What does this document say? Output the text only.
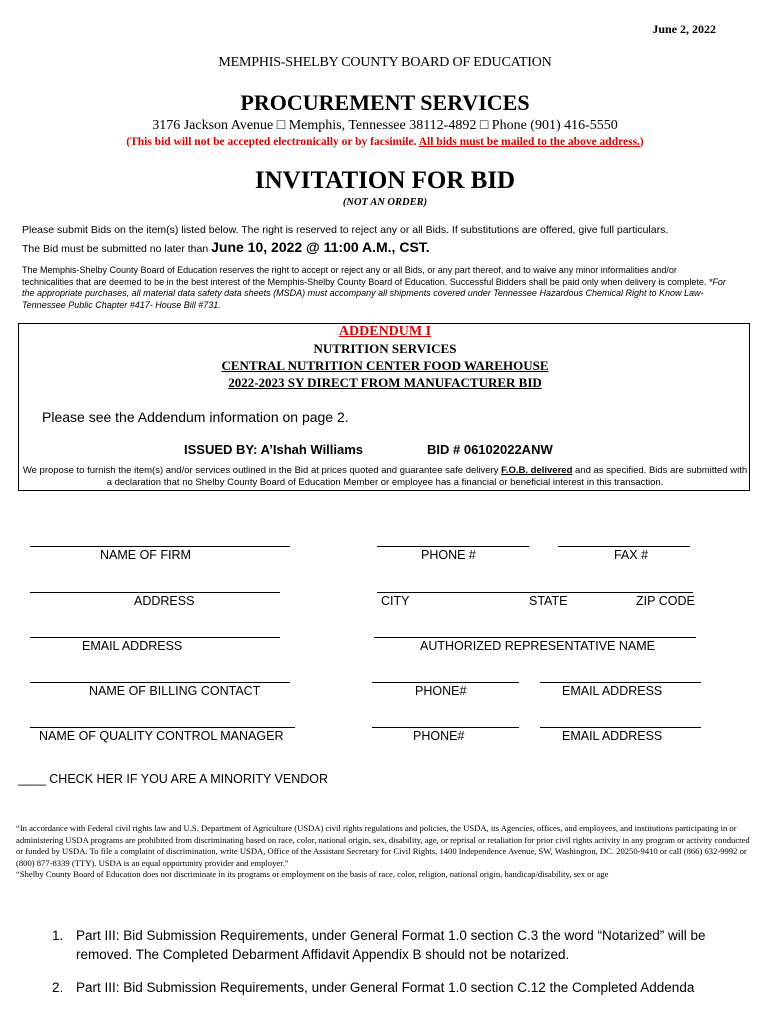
June 2, 2022
MEMPHIS-SHELBY COUNTY BOARD OF EDUCATION
PROCUREMENT SERVICES
3176 Jackson Avenue □ Memphis, Tennessee 38112-4892 □ Phone (901) 416-5550
(This bid will not be accepted electronically or by facsimile. All bids must be mailed to the above address.)
INVITATION FOR BID
(NOT AN ORDER)
Please submit Bids on the item(s) listed below. The right is reserved to reject any or all Bids. If substitutions are offered, give full particulars.
The Bid must be submitted no later than June 10, 2022 @ 11:00 A.M., CST.
The Memphis-Shelby County Board of Education reserves the right to accept or reject any or all Bids, or any part thereof, and to waive any minor informalities and/or technicalities that are deemed to be in the best interest of the Memphis-Shelby County Board of Education. Successful Bidders shall be paid only when delivery is complete. *For the appropriate purchases, all material data safety data sheets (MSDA) must accompany all shipments covered under Tennessee Hazardous Chemical Right to Know Law- Tennessee Public Chapter #417- House Bill #731.
ADDENDUM I
NUTRITION SERVICES
CENTRAL NUTRITION CENTER FOOD WAREHOUSE
2022-2023 SY DIRECT FROM MANUFACTURER BID
Please see the Addendum information on page 2.
ISSUED BY: A’Ishah Williams	BID # 06102022ANW
We propose to furnish the item(s) and/or services outlined in the Bid at prices quoted and guarantee safe delivery F.O.B. delivered and as specified. Bids are submitted with a declaration that no Shelby County Board of Education Member or employee has a financial or beneficial interest in this transaction.
NAME OF FIRM	PHONE #	FAX #
ADDRESS	CITY	STATE	ZIP CODE
EMAIL ADDRESS	AUTHORIZED REPRESENTATIVE NAME
NAME OF BILLING CONTACT	PHONE#	EMAIL ADDRESS
NAME OF QUALITY CONTROL MANAGER	PHONE#	EMAIL ADDRESS
____ CHECK HER IF YOU ARE A MINORITY VENDOR
“In accordance with Federal civil rights law and U.S. Department of Agriculture (USDA) civil rights regulations and policies, the USDA, its Agencies, offices, and employees, and institutions participating in or administering USDA programs are prohibited from discriminating based on race, color, national origin, sex, disability, age, or reprisal or retaliation for prior civil rights activity in any program or activity conducted or funded by USDA. To file a complaint of discrimination, write USDA, Office of the Assistant Secretary for Civil Rights, 1400 Independence Avenue, SW, Washington, DC. 20250-9410 or call (866) 632-9992 or (800) 877-8339 (TTY). USDA is an equal opportunity provider and employer.”
“Shelby County Board of Education does not discriminate in its programs or employment on the basis of race, color, religion, national origin, handicap/disability, sex or age
1. Part III: Bid Submission Requirements, under General Format 1.0 section C.3 the word “Notarized” will be removed. The Completed Debarment Affidavit Appendix B should not be notarized.
2. Part III: Bid Submission Requirements, under General Format 1.0 section C.12 the Completed Addenda
